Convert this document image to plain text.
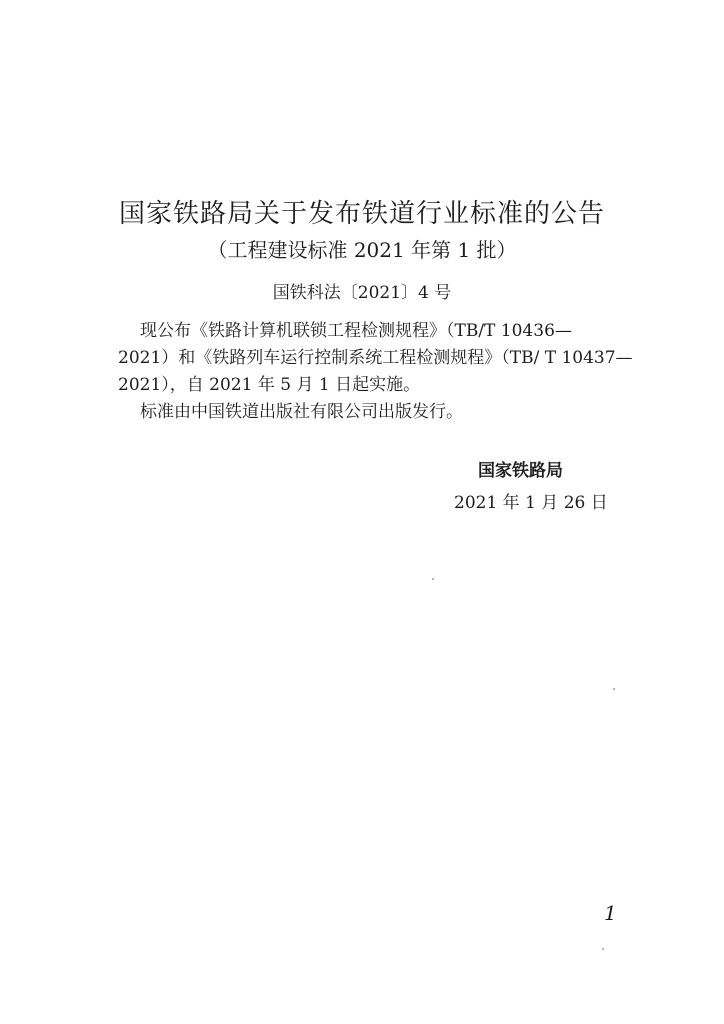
国家铁路局关于发布铁道行业标准的公告
（工程建设标准 2021 年第 1 批）
国铁科法〔2021〕4 号
现公布《铁路计算机联锁工程检测规程》（TB/T 10436—
2021）和《铁路列车运行控制系统工程检测规程》（TB/ T 10437—
2021），自 2021 年 5 月 1 日起实施。
标准由中国铁道出版社有限公司出版发行。
国家铁路局
2021 年 1 月 26 日
1
